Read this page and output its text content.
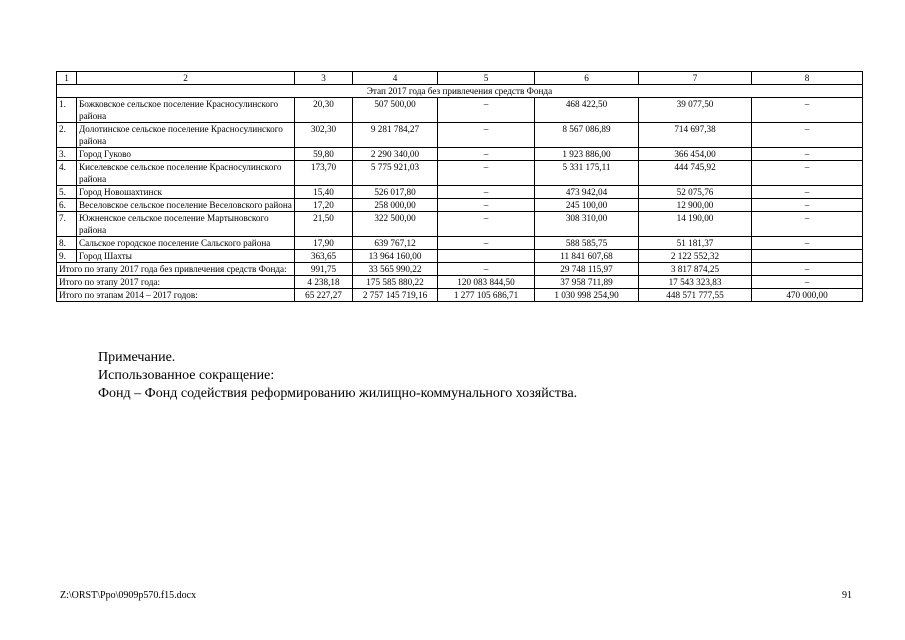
1	2	3	4	5	6	7	8
Этап 2017 года без привлечения средств Фонда							
1.	Божковское сельское поселение Красносулинского района	20,30	507 500,00	–	468 422,50	39 077,50	–
2.	Долотинское сельское поселение Красносулинского района	302,30	9 281 784,27	–	8 567 086,89	714 697,38	–
3.	Город Гуково	59,80	2 290 340,00	–	1 923 886,00	366 454,00	–
4.	Киселевское сельское поселение Красносулинского района	173,70	5 775 921,03	–	5 331 175,11	444 745,92	–
5.	Город Новошахтинск	15,40	526 017,80	–	473 942,04	52 075,76	–
6.	Веселовское сельское поселение Веселовского района	17,20	258 000,00	–	245 100,00	12 900,00	–
7.	Южненское сельское поселение Мартыновского района	21,50	322 500,00	–	308 310,00	14 190,00	–
8.	Сальское городское поселение Сальского района	17,90	639 767,12	–	588 585,75	51 181,37	–
9.	Город Шахты	363,65	13 964 160,00		11 841 607,68	2 122 552,32	
Итого по этапу 2017 года без привлечения средств Фонда:		991,75	33 565 990,22	–	29 748 115,97	3 817 874,25	–
Итого по этапу 2017 года:		4 238,18	175 585 880,22	120 083 844,50	37 958 711,89	17 543 323,83	–
Итого по этапам 2014 – 2017 годов:		65 227,27	2 757 145 719,16	1 277 105 686,71	1 030 998 254,90	448 571 777,55	470 000,00
Примечание.
Использованное сокращение:
Фонд – Фонд содействия реформированию жилищно-коммунального хозяйства.
Z:\ORST\Ppo\0909p570.f15.docx	91
